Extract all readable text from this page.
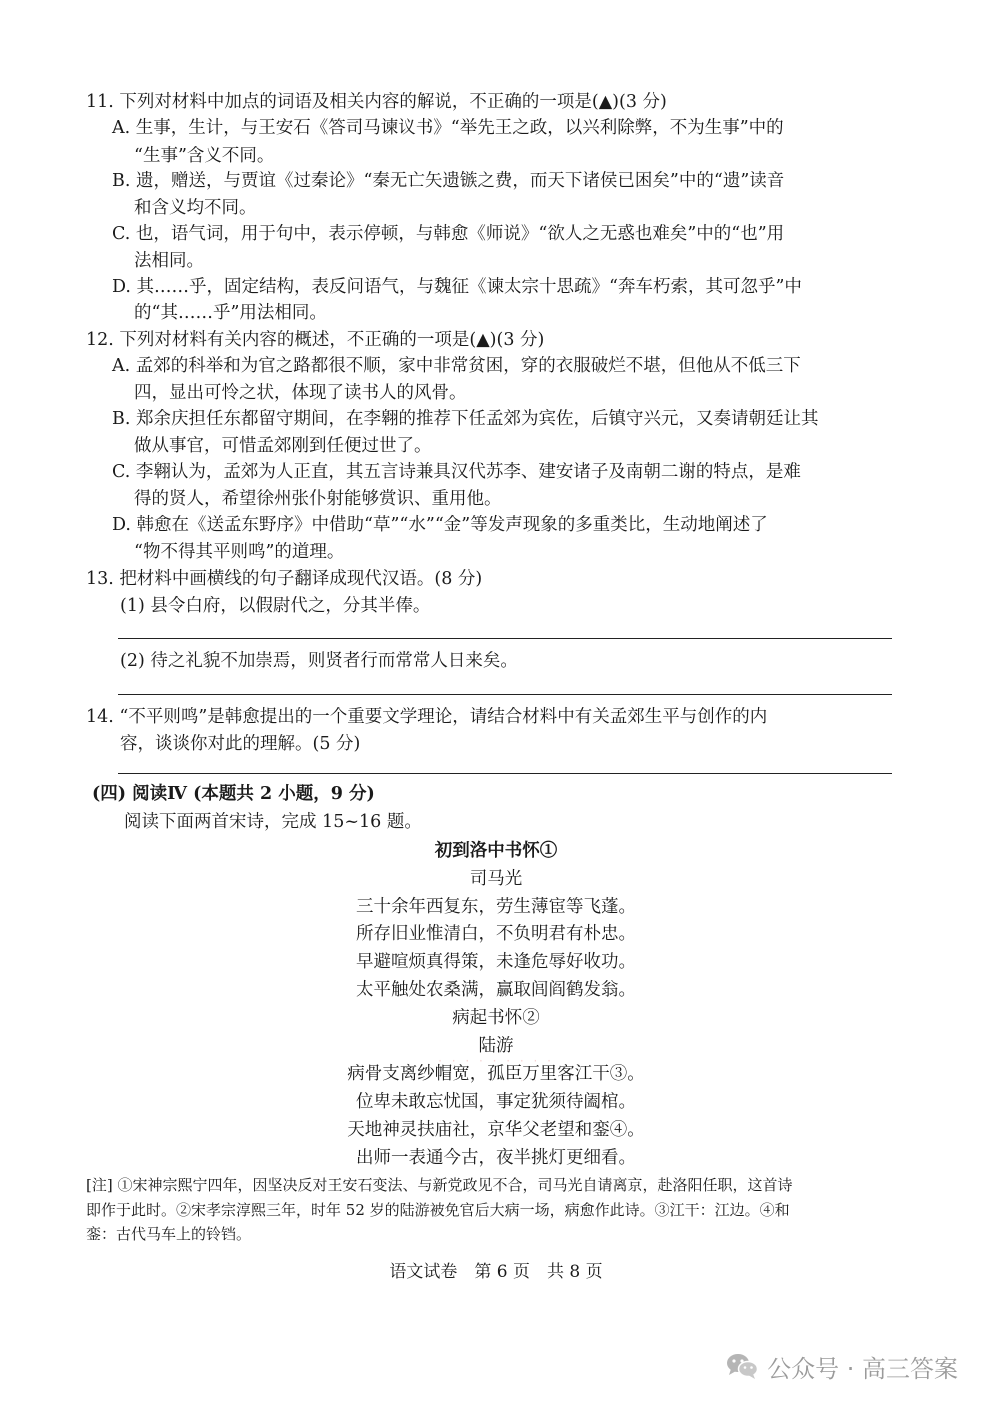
11. 下列对材料中加点的词语及相关内容的解说，不正确的一项是(▲)(3 分)
A. 生事，生计，与王安石《答司马谏议书》“举先王之政，以兴利除弊，不为生事”中的
“生事”含义不同。
B. 遗，赠送，与贾谊《过秦论》“秦无亡矢遗镞之费，而天下诸侯已困矣”中的“遗”读音
和含义均不同。
C. 也，语气词，用于句中，表示停顿，与韩愈《师说》“欲人之无惑也难矣”中的“也”用
法相同。
D. 其……乎，固定结构，表反问语气，与魏征《谏太宗十思疏》“奔车朽索，其可忽乎”中
的“其……乎”用法相同。
12. 下列对材料有关内容的概述，不正确的一项是(▲)(3 分)
A. 孟郊的科举和为官之路都很不顺，家中非常贫困，穿的衣服破烂不堪，但他从不低三下
四，显出可怜之状，体现了读书人的风骨。
B. 郑余庆担任东都留守期间，在李翱的推荐下任孟郊为宾佐，后镇守兴元，又奏请朝廷让其
做从事官，可惜孟郊刚到任便过世了。
C. 李翱认为，孟郊为人正直，其五言诗兼具汉代苏李、建安诸子及南朝二谢的特点，是难
得的贤人，希望徐州张仆射能够赏识、重用他。
D. 韩愈在《送孟东野序》中借助“草”“水”“金”等发声现象的多重类比，生动地阐述了
“物不得其平则鸣”的道理。
13. 把材料中画横线的句子翻译成现代汉语。(8 分)
(1) 县令白府，以假尉代之，分其半俸。
(2) 待之礼貌不加崇焉，则贤者行而常常人日来矣。
14. “不平则鸣”是韩愈提出的一个重要文学理论，请结合材料中有关孟郊生平与创作的内
容，谈谈你对此的理解。(5 分)
(四) 阅读Ⅳ (本题共 2 小题，9 分)
阅读下面两首宋诗，完成 15~16 题。
初到洛中书怀①
司马光
三十余年西复东，劳生薄宦等飞蓬。
所存旧业惟清白，不负明君有朴忠。
早避喧烦真得策，未逢危辱好收功。
太平触处农桑满，赢取闾阎鹤发翁。
病起书怀②
陆游
病骨支离纱帽宽，孤臣万里客江干③。
位卑未敢忘忧国，事定犹须待阖棺。
天地神灵扶庙社，京华父老望和銮④。
出师一表通今古，夜半挑灯更细看。
· · · · · · · · ·
[注] ①宋神宗熙宁四年，因坚决反对王安石变法、与新党政见不合，司马光自请离京，赴洛阳任职，这首诗
即作于此时。②宋孝宗淳熙三年，时年 52 岁的陆游被免官后大病一场，病愈作此诗。③江干：江边。④和
銮：古代马车上的铃铛。
语文试卷　第 6 页　共 8 页
公众号 · 高三答案
